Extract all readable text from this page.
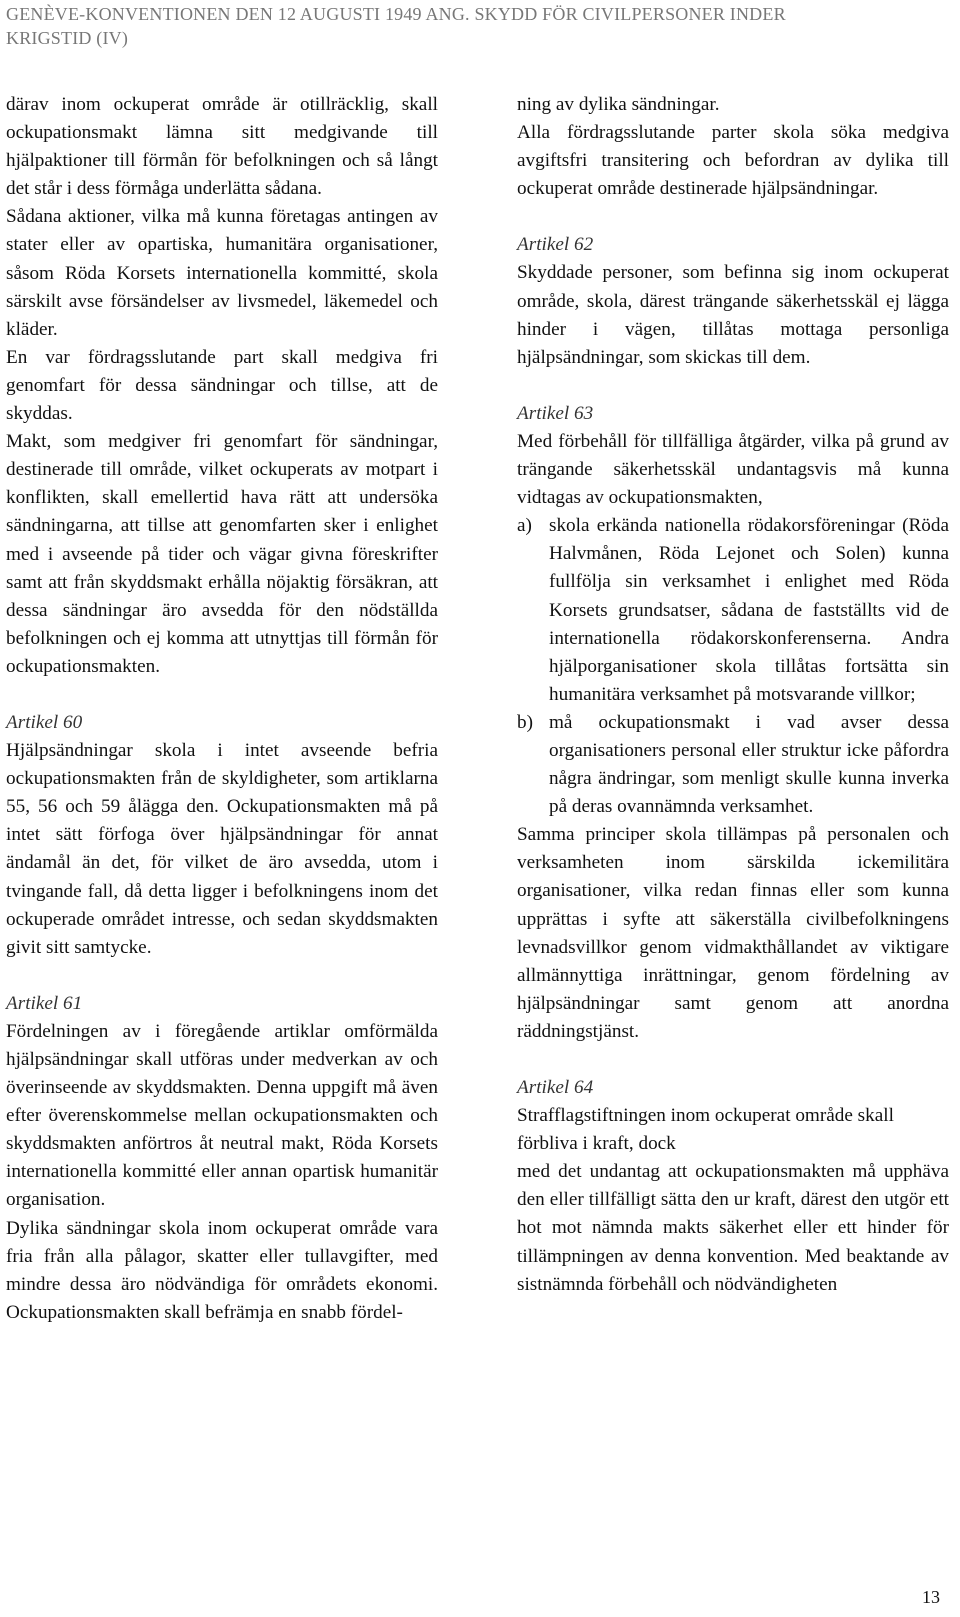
GENÈVE-KONVENTIONEN DEN 12 AUGUSTI 1949 ANG. SKYDD FÖR CIVILPERSONER INDER
KRIGSTID (IV)

därav inom ockuperat område är otillräcklig, skall ockupationsmakt lämna sitt medgivande till hjälpaktioner till förmån för befolkningen och så långt det står i dess förmåga underlätta sådana.

Sådana aktioner, vilka må kunna företagas antingen av stater eller av opartiska, humanitära organisationer, såsom Röda Korsets internationella kommitté, skola särskilt avse försändelser av livsmedel, läkemedel och kläder.

En var fördragsslutande part skall medgiva fri genomfart för dessa sändningar och tillse, att de skyddas.

Makt, som medgiver fri genomfart för sändningar, destinerade till område, vilket ockuperats av motpart i konflikten, skall emellertid hava rätt att undersöka sändningarna, att tillse att genomfarten sker i enlighet med i avseende på tider och vägar givna föreskrifter samt att från skyddsmakt erhålla nöjaktig försäkran, att dessa sändningar äro avsedda för den nödställda befolkningen och ej komma att utnyttjas till förmån för ockupationsmakten.

Artikel 60

Hjälpsändningar skola i intet avseende befria ockupationsmakten från de skyldigheter, som artiklarna 55, 56 och 59 ålägga den. Ockupationsmakten må på intet sätt förfoga över hjälpsändningar för annat ändamål än det, för vilket de äro avsedda, utom i tvingande fall, då detta ligger i befolkningens inom det ockuperade området intresse, och sedan skyddsmakten givit sitt samtycke.

Artikel 61

Fördelningen av i föregående artiklar omförmälda hjälpsändningar skall utföras under medverkan av och överinseende av skyddsmakten. Denna uppgift må även efter överenskommelse mellan ockupationsmakten och skyddsmakten anförtros åt neutral makt, Röda Korsets internationella kommitté eller annan opartisk humanitär organisation.

Dylika sändningar skola inom ockuperat område vara fria från alla pålagor, skatter eller tullavgifter, med mindre dessa äro nödvändiga för områdets ekonomi. Ockupationsmakten skall befrämja en snabb fördel-

ning av dylika sändningar.

Alla fördragsslutande parter skola söka medgiva avgiftsfri transitering och befordran av dylika till ockuperat område destinerade hjälpsändningar.

Artikel 62

Skyddade personer, som befinna sig inom ockuperat område, skola, därest trängande säkerhetsskäl ej lägga hinder i vägen, tillåtas mottaga personliga hjälpsändningar, som skickas till dem.

Artikel 63

Med förbehåll för tillfälliga åtgärder, vilka på grund av trängande säkerhetsskäl undantagsvis må kunna vidtagas av ockupationsmakten,

a) skola erkända nationella rödakorsföreningar (Röda Halvmånen, Röda Lejonet och Solen) kunna fullfölja sin verksamhet i enlighet med Röda Korsets grundsatser, sådana de fastställts vid de internationella rödakorskonferenserna. Andra hjälporganisationer skola tillåtas fortsätta sin humanitära verksamhet på motsvarande villkor;
b) må ockupationsmakt i vad avser dessa organisationers personal eller struktur icke påfordra några ändringar, som menligt skulle kunna inverka på deras ovannämnda verksamhet.

Samma principer skola tillämpas på personalen och verksamheten inom särskilda ickemilitära organisationer, vilka redan finnas eller som kunna upprättas i syfte att säkerställa civilbefolkningens levnadsvillkor genom vidmakthållandet av viktigare allmännyttiga inrättningar, genom fördelning av hjälpsändningar samt genom att anordna räddningstjänst.

Artikel 64

Strafflagstiftningen inom ockuperat område skall förbliva i kraft, dock

med det undantag att ockupationsmakten må upphäva den eller tillfälligt sätta den ur kraft, därest den utgör ett hot mot nämnda makts säkerhet eller ett hinder för tillämpningen av denna konvention. Med beaktande av sistnämnda förbehåll och nödvändigheten

13
